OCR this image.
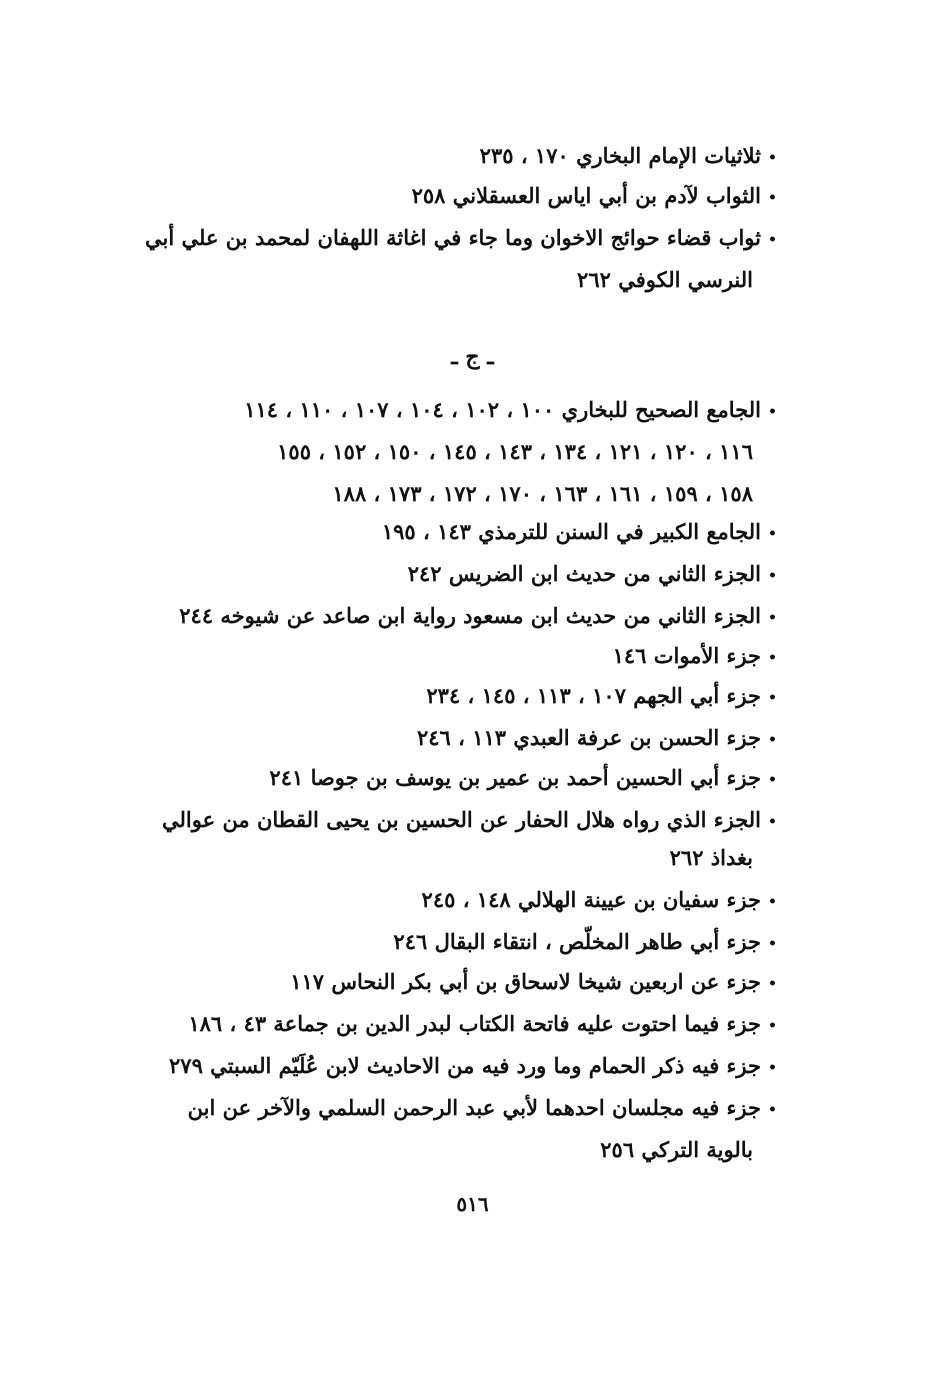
•ثلاثيات الإمام البخاري ١٧٠ ، ٢٣٥
•الثواب لآدم بن أبي اياس العسقلاني ٢٥٨
•ثواب قضاء حوائج الاخوان وما جاء في اغاثة اللهفان لمحمد بن علي أبي
النرسي الكوفي ٢٦٢
•الجامع الصحيح للبخاري ١٠٠ ، ١٠٢ ، ١٠٤ ، ١٠٧ ، ١١٠ ، ١١٤
١١٦ ، ١٢٠ ، ١٢١ ، ١٣٤ ، ١٤٣ ، ١٤٥ ، ١٥٠ ، ١٥٢ ، ١٥٥
١٥٨ ، ١٥٩ ، ١٦١ ، ١٦٣ ، ١٧٠ ، ١٧٢ ، ١٧٣ ، ١٨٨
•الجامع الكبير في السنن للترمذي ١٤٣ ، ١٩٥
•الجزء الثاني من حديث ابن الضريس ٢٤٢
•الجزء الثاني من حديث ابن مسعود رواية ابن صاعد عن شيوخه ٢٤٤
•جزء الأموات ١٤٦
•جزء أبي الجهم ١٠٧ ، ١١٣ ، ١٤٥ ، ٢٣٤
•جزء الحسن بن عرفة العبدي ١١٣ ، ٢٤٦
•جزء أبي الحسين أحمد بن عمير بن يوسف بن جوصا ٢٤١
•الجزء الذي رواه هلال الحفار عن الحسين بن يحيى القطان من عوالي
بغداذ ٢٦٢
•جزء سفيان بن عيينة الهلالي ١٤٨ ، ٢٤٥
•جزء أبي طاهر المخلّص ، انتقاء البقال ٢٤٦
•جزء عن اربعين شيخا لاسحاق بن أبي بكر النحاس ١١٧
•جزء فيما احتوت عليه فاتحة الكتاب لبدر الدين بن جماعة ٤٣ ، ١٨٦
•جزء فيه ذكر الحمام وما ورد فيه من الاحاديث لابن عُلَيّم السبتي ٢٧٩
•جزء فيه مجلسان احدهما لأبي عبد الرحمن السلمي والآخر عن ابن
بالوية التركي ٢٥٦
ـ ج ـ
٥١٦
